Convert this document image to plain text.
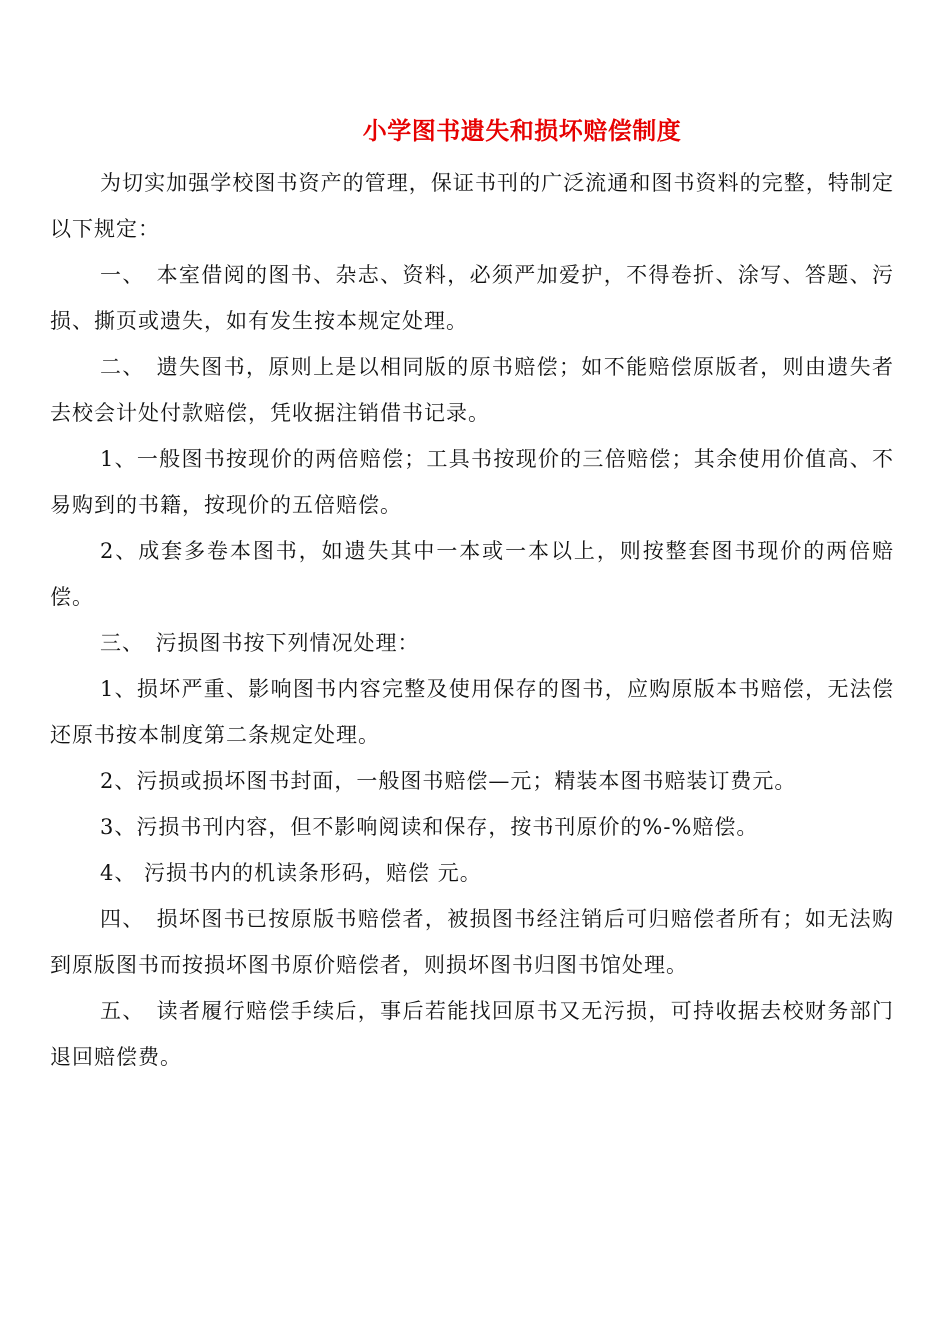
小学图书遗失和损坏赔偿制度

为切实加强学校图书资产的管理，保证书刊的广泛流通和图书资料的完整，特制定以下规定：

一、　本室借阅的图书、杂志、资料，必须严加爱护，不得卷折、涂写、答题、污损、撕页或遗失，如有发生按本规定处理。

二、　遗失图书，原则上是以相同版的原书赔偿；如不能赔偿原版者，则由遗失者去校会计处付款赔偿，凭收据注销借书记录。

1、一般图书按现价的两倍赔偿；工具书按现价的三倍赔偿；其余使用价值高、不易购到的书籍，按现价的五倍赔偿。

2、成套多卷本图书，如遗失其中一本或一本以上，则按整套图书现价的两倍赔偿。

三、　污损图书按下列情况处理：

1、损坏严重、影响图书内容完整及使用保存的图书，应购原版本书赔偿，无法偿还原书按本制度第二条规定处理。

2、污损或损坏图书封面，一般图书赔偿—元；精装本图书赔装订费元。

3、污损书刊内容，但不影响阅读和保存，按书刊原价的%-%赔偿。

4、 污损书内的机读条形码，赔偿 元。

四、　损坏图书已按原版书赔偿者，被损图书经注销后可归赔偿者所有；如无法购到原版图书而按损坏图书原价赔偿者，则损坏图书归图书馆处理。

五、　读者履行赔偿手续后，事后若能找回原书又无污损，可持收据去校财务部门退回赔偿费。
